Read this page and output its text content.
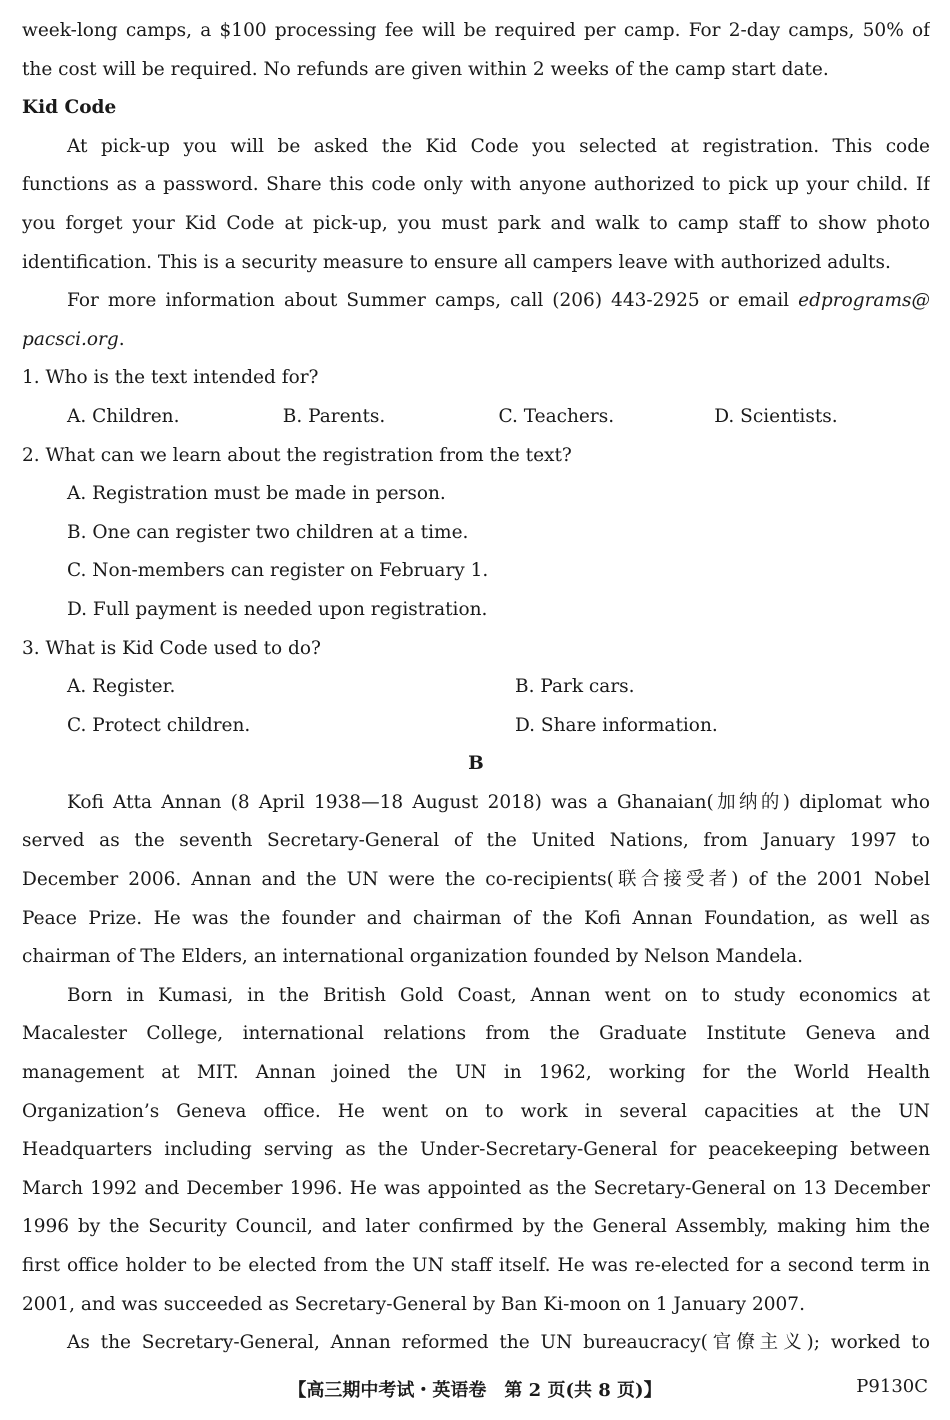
week-long camps, a $100 processing fee will be required per camp. For 2-day camps, 50% of
the cost will be required. No refunds are given within 2 weeks of the camp start date.
Kid Code
At pick-up you will be asked the Kid Code you selected at registration. This code
functions as a password. Share this code only with anyone authorized to pick up your child. If
you forget your Kid Code at pick-up, you must park and walk to camp staff to show photo
identification. This is a security measure to ensure all campers leave with authorized adults.
For more information about Summer camps, call (206) 443-2925 or email edprograms@
pacsci.org.
1. Who is the text intended for?
A. Children.	B. Parents.	C. Teachers.	D. Scientists.
2. What can we learn about the registration from the text?
A. Registration must be made in person.
B. One can register two children at a time.
C. Non-members can register on February 1.
D. Full payment is needed upon registration.
3. What is Kid Code used to do?
A. Register.	B. Park cars.
C. Protect children.	D. Share information.
B
Kofi Atta Annan (8 April 1938—18 August 2018) was a Ghanaian(加纳的) diplomat who
served as the seventh Secretary-General of the United Nations, from January 1997 to
December 2006. Annan and the UN were the co-recipients(联合接受者) of the 2001 Nobel
Peace Prize. He was the founder and chairman of the Kofi Annan Foundation, as well as
chairman of The Elders, an international organization founded by Nelson Mandela.
Born in Kumasi, in the British Gold Coast, Annan went on to study economics at
Macalester College, international relations from the Graduate Institute Geneva and
management at MIT. Annan joined the UN in 1962, working for the World Health
Organization’s Geneva office. He went on to work in several capacities at the UN
Headquarters including serving as the Under-Secretary-General for peacekeeping between
March 1992 and December 1996. He was appointed as the Secretary-General on 13 December
1996 by the Security Council, and later confirmed by the General Assembly, making him the
first office holder to be elected from the UN staff itself. He was re-elected for a second term in
2001, and was succeeded as Secretary-General by Ban Ki-moon on 1 January 2007.
As the Secretary-General, Annan reformed the UN bureaucracy(官僚主义); worked to
【高三期中考试・英语卷　第 2 页(共 8 页)】	P9130C
